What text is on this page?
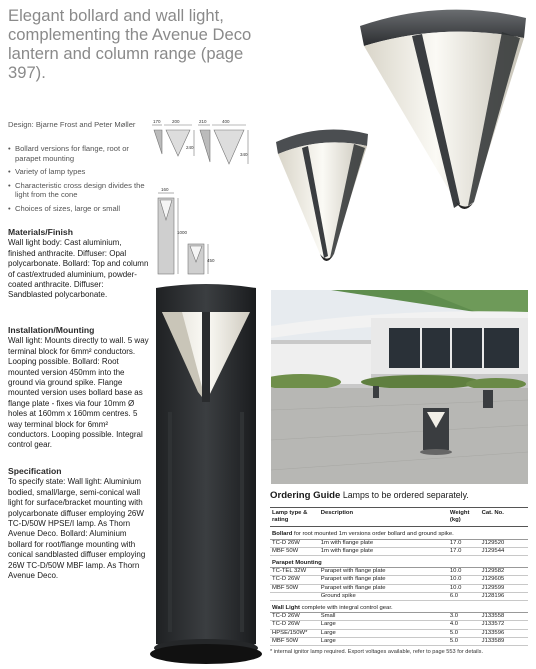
Elegant bollard and wall light, complementing the Avenue Deco lantern and column range (page 397).
170	200
240
210	400
340
160
1000
450
Design: Bjarne Frost and Peter Møller
• Bollard versions for flange, root or parapet mounting
• Variety of lamp types
• Characteristic cross design divides the light from the cone
• Choices of sizes, large or small
Materials/Finish

Wall light body: Cast aluminium, finished anthracite. Diffuser: Opal polycarbonate. Bollard: Top and column of cast/extruded aluminium, powder-coated anthracite. Diffuser: Sandblasted polycarbonate.

Installation/Mounting

Wall light: Mounts directly to wall. 5 way terminal block for 6mm² conductors. Looping possible. Bollard: Root mounted version 450mm into the ground via ground spike. Flange mounted version uses bollard base as flange plate - fixes via four 10mm Ø holes at 160mm x 160mm centres. 5 way terminal block for 6mm² conductors. Looping possible. Integral control gear.

Specification

To specify state: Wall light: Aluminium bodied, small/large, semi-conical wall light for surface/bracket mounting with polycarbonate diffuser employing 26W TC-D/50W HPSE/I lamp. As Thorn Avenue Deco. Bollard: Aluminium bollard for root/flange mounting with conical sandblasted diffuser employing 26W TC-D/50W MBF lamp. As Thorn Avenue Deco.

Ordering Guide Lamps to be ordered separately.
Lamp type & rating	Description	Weight (kg)	Cat. No.
Bollard for root mounted 1m versions order bollard and ground spike.			
TC-D 26W	1m with flange plate	17.0	J129520
MBF 50W	1m with flange plate	17.0	J129544
Parapet Mounting			
TC-TEL 32W	Parapet with flange plate	10.0	J129582
TC-D 26W	Parapet with flange plate	10.0	J129605
MBF 50W	Parapet with flange plate	10.0	J129599
	Ground spike	6.0	J128196
Wall Light complete with integral control gear.			
TC-D 26W	Small	3.0	J133558
TC-D 26W	Large	4.0	J133572
HPSE/150W*	Large	5.0	J133596
MBF 50W	Large	5.0	J133589
* internal ignitor lamp required. Export voltages available, refer to page 553 for details.
